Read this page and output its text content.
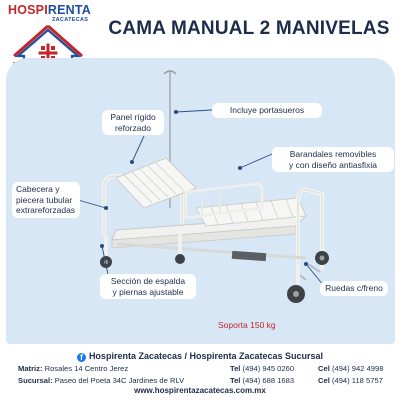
HOSPIRENTA
ZACATECAS CAMA MANUAL 2 MANIVELAS
Panel rígido
reforzado
Incluye portasueros
Barandales removibles
y con diseño antiasfixia
Cabecera y
piecera tubular
extrareforzadas
Sección de espalda
y piernas ajustable	Ruedas c/freno
Soporta 150 kg
f Hospirenta Zacatecas / Hospirenta Zacatecas Sucursal
Matriz: Rosales 14 Centro Jerez
Sucursal: Paseo del Poeta 34C Jardines de RLV
Tel (494) 945 0260
Tel (494) 688 1683
Cel (494) 942 4998
Cel (494) 118 5757
www.hospirentazacatecas.com.mx
